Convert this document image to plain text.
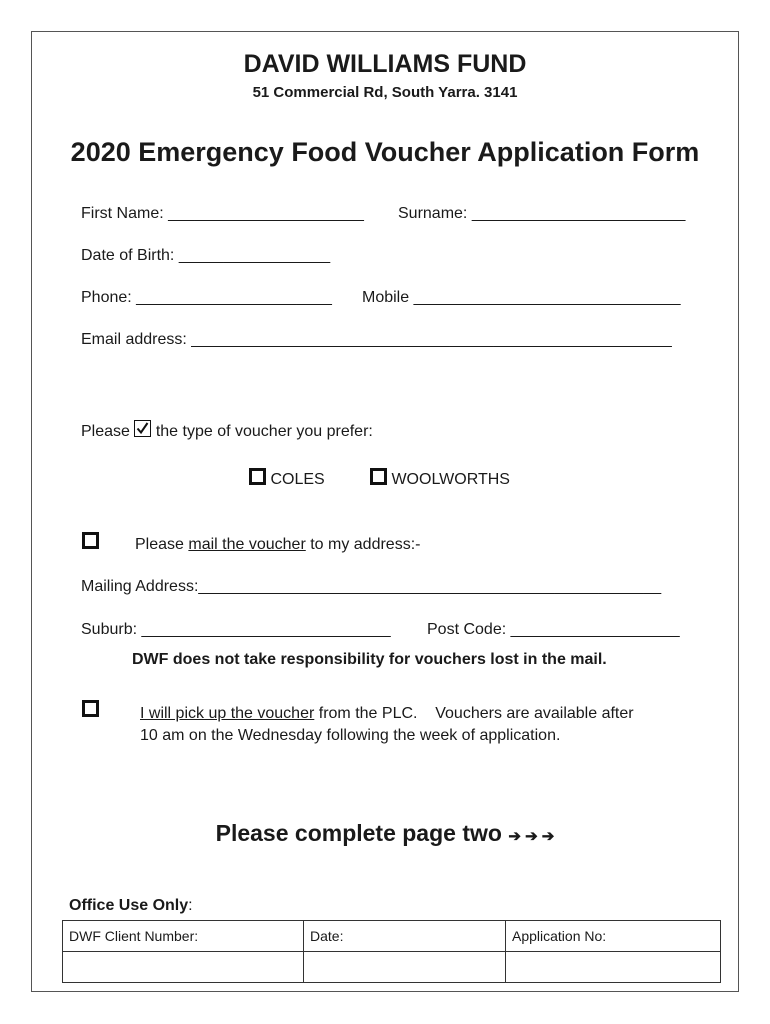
DAVID WILLIAMS FUND
51 Commercial Rd, South Yarra. 3141
2020 Emergency Food Voucher Application Form
First Name: ______________________ Surname: ________________________
Date of Birth: _________________
Phone: ______________________ Mobile ______________________________
Email address: ______________________________________________________
Please the type of voucher you prefer:
COLES	WOOLWORTHS
Please mail the voucher to my address:-
Mailing Address:____________________________________________________
Suburb: ____________________________ Post Code: ___________________
DWF does not take responsibility for vouchers lost in the mail.
I will pick up the voucher from the PLC.    Vouchers are available after
10 am on the Wednesday following the week of application.
Please complete page two ➔ ➔ ➔
Office Use Only:
DWF Client Number:	Date:	Application No:
